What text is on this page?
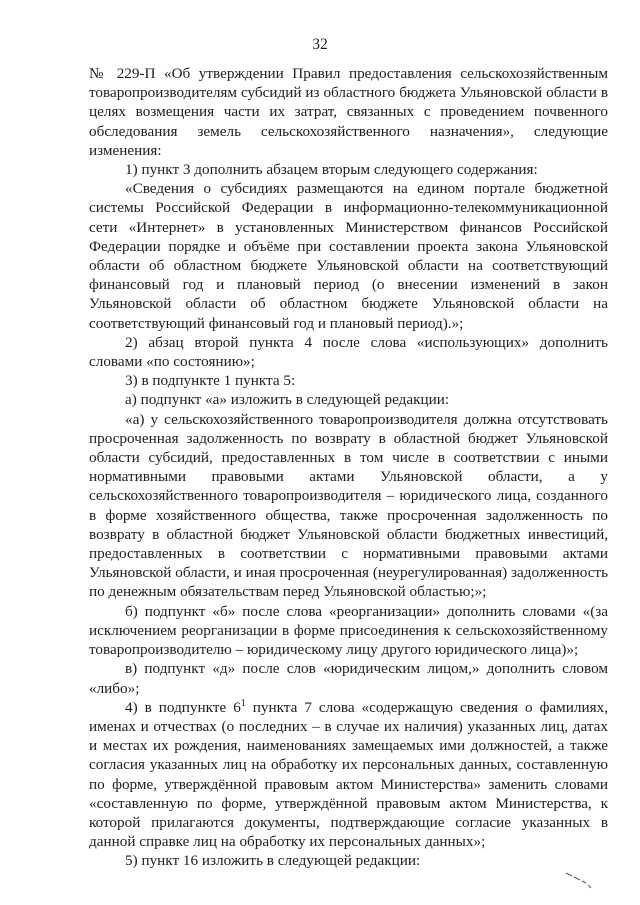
32

№ 229-П «Об утверждении Правил предоставления сельскохозяйственным товаропроизводителям субсидий из областного бюджета Ульяновской области в целях возмещения части их затрат, связанных с проведением почвенного обследования земель сельскохозяйственного назначения», следующие изменения:

1) пункт 3 дополнить абзацем вторым следующего содержания:

«Сведения о субсидиях размещаются на едином портале бюджетной системы Российской Федерации в информационно-телекоммуникационной сети «Интернет» в установленных Министерством финансов Российской Федерации порядке и объёме при составлении проекта закона Ульяновской области об областном бюджете Ульяновской области на соответствующий финансовый год и плановый период (о внесении изменений в закон Ульяновской области об областном бюджете Ульяновской области на соответствующий финансовый год и плановый период).»;

2) абзац второй пункта 4 после слова «использующих» дополнить словами «по состоянию»;

3) в подпункте 1 пункта 5:

а) подпункт «а» изложить в следующей редакции:

«а) у сельскохозяйственного товаропроизводителя должна отсутствовать просроченная задолженность по возврату в областной бюджет Ульяновской области субсидий, предоставленных в том числе в соответствии с иными нормативными правовыми актами Ульяновской области, а у сельскохозяйственного товаропроизводителя – юридического лица, созданного в форме хозяйственного общества, также просроченная задолженность по возврату в областной бюджет Ульяновской области бюджетных инвестиций, предоставленных в соответствии с нормативными правовыми актами Ульяновской области, и иная просроченная (неурегулированная) задолженность по денежным обязательствам перед Ульяновской областью;»;

б) подпункт «б» после слова «реорганизации» дополнить словами «(за исключением реорганизации в форме присоединения к сельскохозяйственному товаропроизводителю – юридическому лицу другого юридического лица)»;

в) подпункт «д» после слов «юридическим лицом,» дополнить словом «либо»;

4) в подпункте $6^1$ пункта 7 слова «содержащую сведения о фамилиях, именах и отчествах (о последних – в случае их наличия) указанных лиц, датах и местах их рождения, наименованиях замещаемых ими должностей, а также согласия указанных лиц на обработку их персональных данных, составленную по форме, утверждённой правовым актом Министерства» заменить словами «составленную по форме, утверждённой правовым актом Министерства, к которой прилагаются документы, подтверждающие согласие указанных в данной справке лиц на обработку их персональных данных»;

5) пункт 16 изложить в следующей редакции:
